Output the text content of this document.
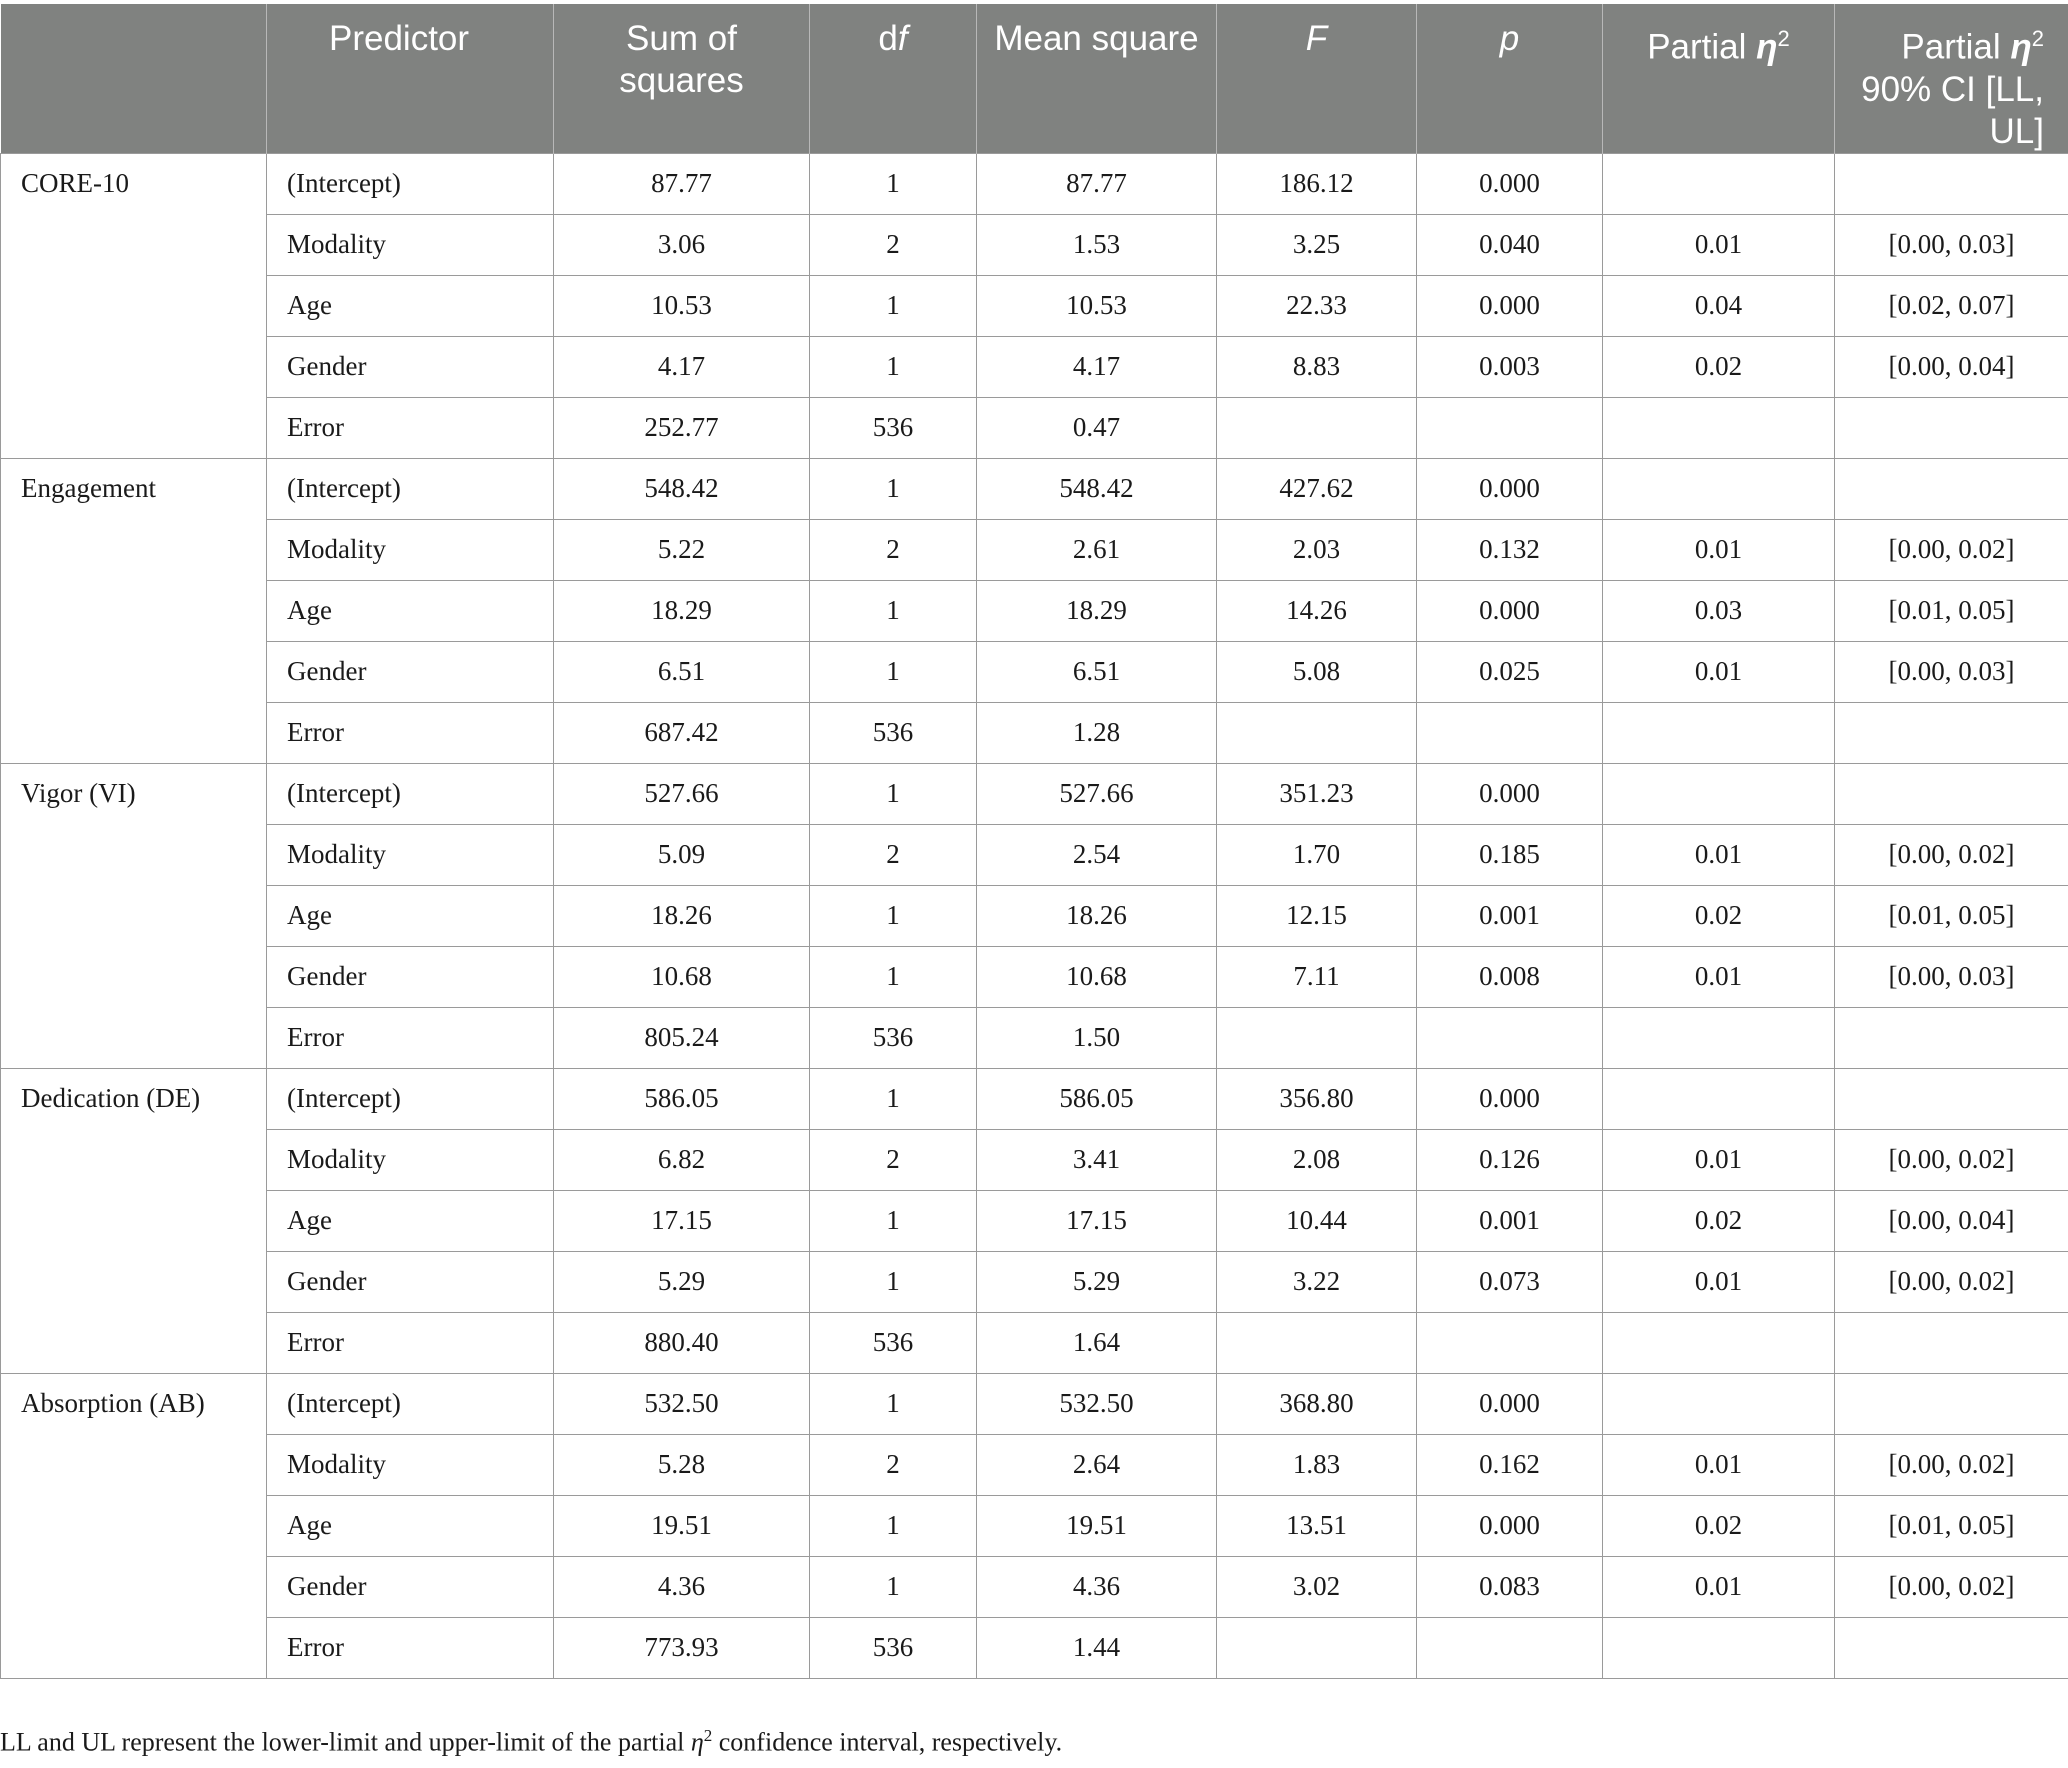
	Predictor	Sum of squares	df	Mean square	F	p	Partial $\eta^2$	Partial $\eta^2$ 90% CI [LL, UL]
CORE-10	(Intercept)	87.77	1	87.77	186.12	0.000		
	Modality	3.06	2	1.53	3.25	0.040	0.01	[0.00, 0.03]
	Age	10.53	1	10.53	22.33	0.000	0.04	[0.02, 0.07]
	Gender	4.17	1	4.17	8.83	0.003	0.02	[0.00, 0.04]
	Error	252.77	536	0.47				
Engagement	(Intercept)	548.42	1	548.42	427.62	0.000		
	Modality	5.22	2	2.61	2.03	0.132	0.01	[0.00, 0.02]
	Age	18.29	1	18.29	14.26	0.000	0.03	[0.01, 0.05]
	Gender	6.51	1	6.51	5.08	0.025	0.01	[0.00, 0.03]
	Error	687.42	536	1.28				
Vigor (VI)	(Intercept)	527.66	1	527.66	351.23	0.000		
	Modality	5.09	2	2.54	1.70	0.185	0.01	[0.00, 0.02]
	Age	18.26	1	18.26	12.15	0.001	0.02	[0.01, 0.05]
	Gender	10.68	1	10.68	7.11	0.008	0.01	[0.00, 0.03]
	Error	805.24	536	1.50				
Dedication (DE)	(Intercept)	586.05	1	586.05	356.80	0.000		
	Modality	6.82	2	3.41	2.08	0.126	0.01	[0.00, 0.02]
	Age	17.15	1	17.15	10.44	0.001	0.02	[0.00, 0.04]
	Gender	5.29	1	5.29	3.22	0.073	0.01	[0.00, 0.02]
	Error	880.40	536	1.64				
Absorption (AB)	(Intercept)	532.50	1	532.50	368.80	0.000		
	Modality	5.28	2	2.64	1.83	0.162	0.01	[0.00, 0.02]
	Age	19.51	1	19.51	13.51	0.000	0.02	[0.01, 0.05]
	Gender	4.36	1	4.36	3.02	0.083	0.01	[0.00, 0.02]
	Error	773.93	536	1.44				
LL and UL represent the lower-limit and upper-limit of the partial $\eta^2$ confidence interval, respectively.
